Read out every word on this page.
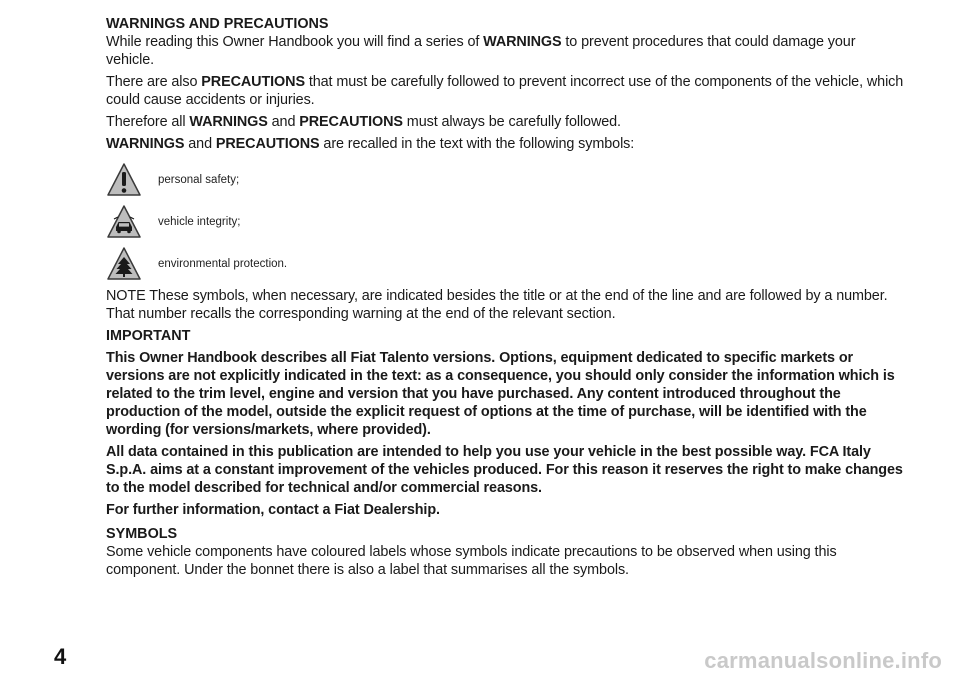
WARNINGS AND PRECAUTIONS

While reading this Owner Handbook you will find a series of WARNINGS to prevent procedures that could damage your vehicle.

There are also PRECAUTIONS that must be carefully followed to prevent incorrect use of the components of the vehicle, which could cause accidents or injuries.

Therefore all WARNINGS and PRECAUTIONS must always be carefully followed.

WARNINGS and PRECAUTIONS are recalled in the text with the following symbols:

personal safety;
vehicle integrity;
environmental protection.

NOTE These symbols, when necessary, are indicated besides the title or at the end of the line and are followed by a number. That number recalls the corresponding warning at the end of the relevant section.

IMPORTANT

This Owner Handbook describes all Fiat Talento versions. Options, equipment dedicated to specific markets or versions are not explicitly indicated in the text: as a consequence, you should only consider the information which is related to the trim level, engine and version that you have purchased. Any content introduced throughout the production of the model, outside the explicit request of options at the time of purchase, will be identified with the wording (for versions/markets, where provided).

All data contained in this publication are intended to help you use your vehicle in the best possible way. FCA Italy S.p.A. aims at a constant improvement of the vehicles produced. For this reason it reserves the right to make changes to the model described for technical and/or commercial reasons.

For further information, contact a Fiat Dealership.

SYMBOLS

Some vehicle components have coloured labels whose symbols indicate precautions to be observed when using this component. Under the bonnet there is also a label that summarises all the symbols.

4	carmanualsonline.info
